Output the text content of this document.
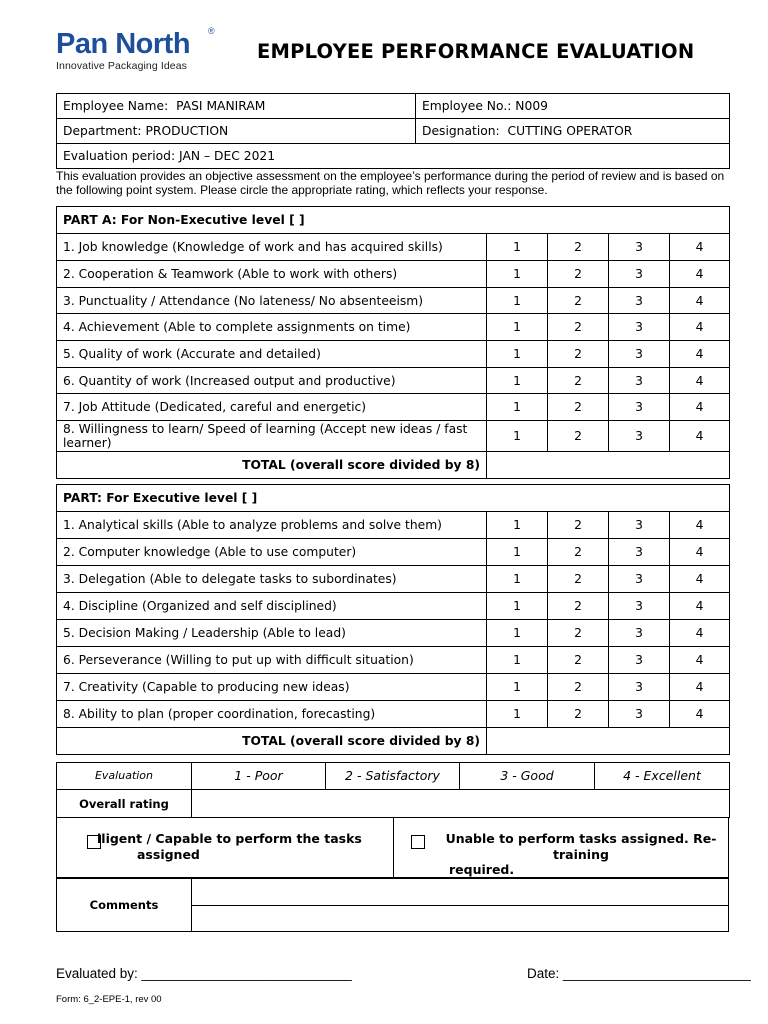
Pan North	®
Innovative Packaging Ideas
EMPLOYEE PERFORMANCE EVALUATION
Employee Name: PASI MANIRAM	Employee No.: N009
Department: PRODUCTION	Designation: CUTTING OPERATOR
Evaluation period: JAN – DEC 2021	
This evaluation provides an objective assessment on the employee’s performance during the period of review and is based on the following point system. Please circle the appropriate rating, which reflects your response.
PART A: For Non-Executive level [ ]				
1. Job knowledge (Knowledge of work and has acquired skills)	1	2	3	4
2. Cooperation & Teamwork (Able to work with others)	1	2	3	4
3. Punctuality / Attendance (No lateness/ No absenteeism)	1	2	3	4
4. Achievement (Able to complete assignments on time)	1	2	3	4
5. Quality of work (Accurate and detailed)	1	2	3	4
6. Quantity of work (Increased output and productive)	1	2	3	4
7. Job Attitude (Dedicated, careful and energetic)	1	2	3	4
8. Willingness to learn/ Speed of learning (Accept new ideas / fast learner)	1	2	3	4
TOTAL (overall score divided by 8)				
PART: For Executive level [ ]				
1. Analytical skills (Able to analyze problems and solve them)	1	2	3	4
2. Computer knowledge (Able to use computer)	1	2	3	4
3. Delegation (Able to delegate tasks to subordinates)	1	2	3	4
4. Discipline (Organized and self disciplined)	1	2	3	4
5. Decision Making / Leadership (Able to lead)	1	2	3	4
6. Perseverance (Willing to put up with difficult situation)	1	2	3	4
7. Creativity (Capable to producing new ideas)	1	2	3	4
8. Ability to plan (proper coordination, forecasting)	1	2	3	4
TOTAL (overall score divided by 8)				
Evaluation	1 - Poor	2 - Satisfactory	3 - Good	4 - Excellent
Overall rating				
iligent / Capable to perform the tasks
assigned
Unable to perform tasks assigned. Re-
training
required.
Comments
Evaluated by: ____________________________	Date: _________________________
Form: 6_2-EPE-1, rev 00
